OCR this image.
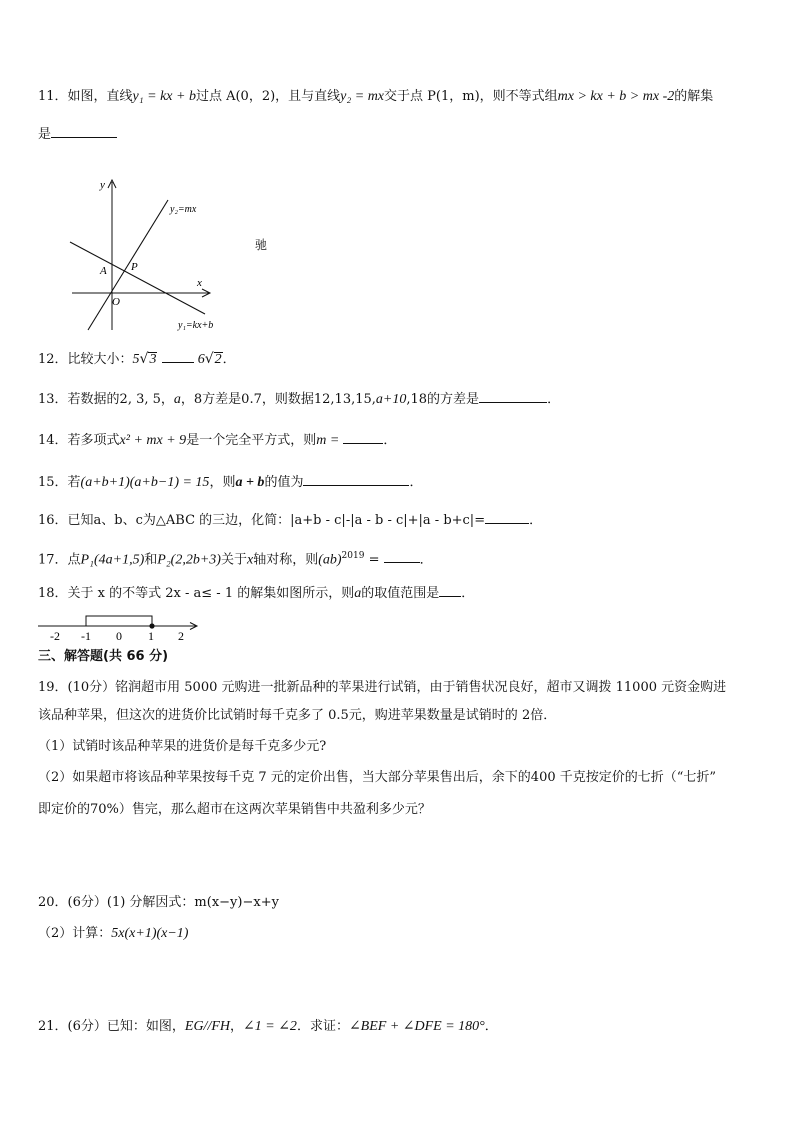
11．如图，直线y₁ = kx + b过点 A(0，2)，且与直线y₂ = mx交于点 P(1，m)，则不等式组mx > kx + b > mx -2的解集
是
y
x
O
A P
y₂=mx
y₁=kx+b
驰
12．比较大小：5√3	6√2．
13．若数据的2, 3, 5，a，8方差是0.7，则数据12,13,15,a+10,18的方差是	．
14．若多项式x² + mx + 9是一个完全平方式，则m =	．
15．若(a+b+1)(a+b−1) = 15，则a + b的值为	．
16．已知a、b、c为△ABC 的三边，化简：|a+b - c|-|a - b - c|+|a - b+c|=	．
17．点P₁(4a+1,5)和P₂(2,2b+3)关于x轴对称，则(ab)$^{2019}$ =	．
18．关于 x 的不等式 2x - a≤ - 1 的解集如图所示，则a的取值范围是 ．
-2 -1 0 1 2
三、解答题(共 66 分)
19．(10分）铭润超市用 5000 元购进一批新品种的苹果进行试销，由于销售状况良好，超市又调拨 11000 元资金购进
该品种苹果，但这次的进货价比试销时每千克多了 0.5元，购进苹果数量是试销时的 2倍．
（1）试销时该品种苹果的进货价是每千克多少元?
（2）如果超市将该品种苹果按每千克 7 元的定价出售，当大部分苹果售出后，余下的400 千克按定价的七折（“七折”
即定价的70%）售完，那么超市在这两次苹果销售中共盈利多少元？
20．(6分）(1) 分解因式：m(x−y)−x+y
（2）计算：5x(x+1)(x−1)
21．(6分）已知：如图，EG//FH，∠1 = ∠2．求证：∠BEF + ∠DFE = 180°．
